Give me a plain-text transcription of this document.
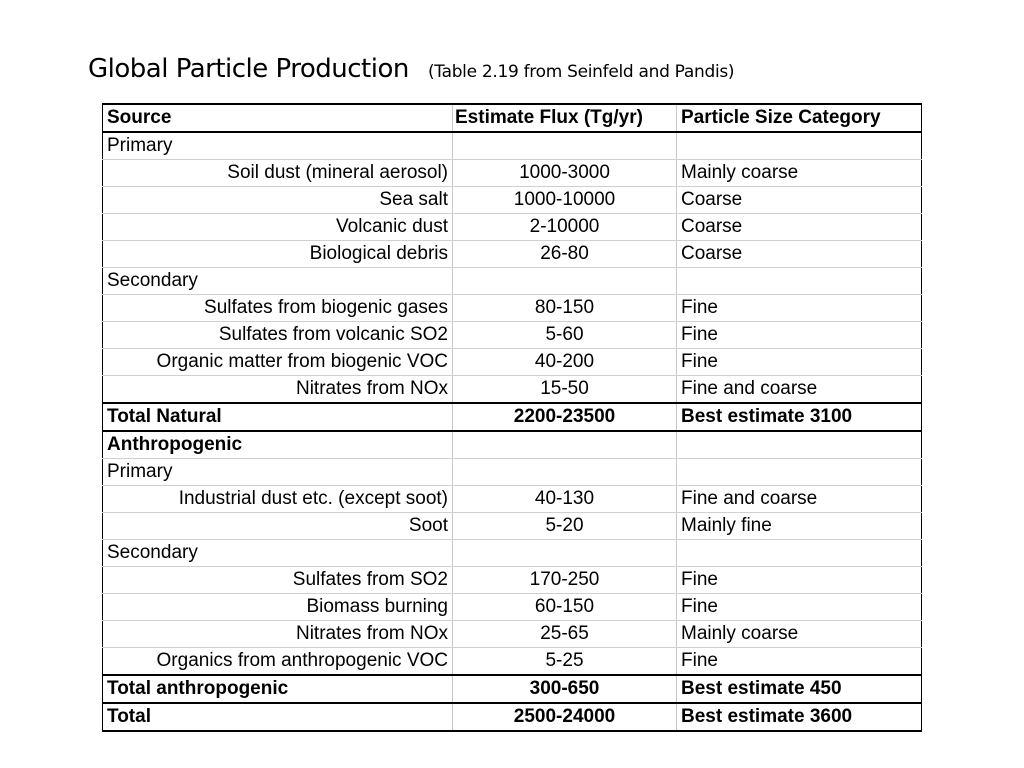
Global Particle Production (Table 2.19 from Seinfeld and Pandis)
Source	Estimate Flux (Tg/yr)	Particle Size Category
Primary		
Soil dust (mineral aerosol)	1000-3000	Mainly coarse
Sea salt	1000-10000	Coarse
Volcanic dust	2-10000	Coarse
Biological debris	26-80	Coarse
Secondary		
Sulfates from biogenic gases	80-150	Fine
Sulfates from volcanic SO2	5-60	Fine
Organic matter from biogenic VOC	40-200	Fine
Nitrates from NOx	15-50	Fine and coarse
Total Natural	2200-23500	Best estimate 3100
Anthropogenic		
Primary		
Industrial dust etc. (except soot)	40-130	Fine and coarse
Soot	5-20	Mainly fine
Secondary		
Sulfates from SO2	170-250	Fine
Biomass burning	60-150	Fine
Nitrates from NOx	25-65	Mainly coarse
Organics from anthropogenic VOC	5-25	Fine
Total anthropogenic	300-650	Best estimate 450
Total	2500-24000	Best estimate 3600
